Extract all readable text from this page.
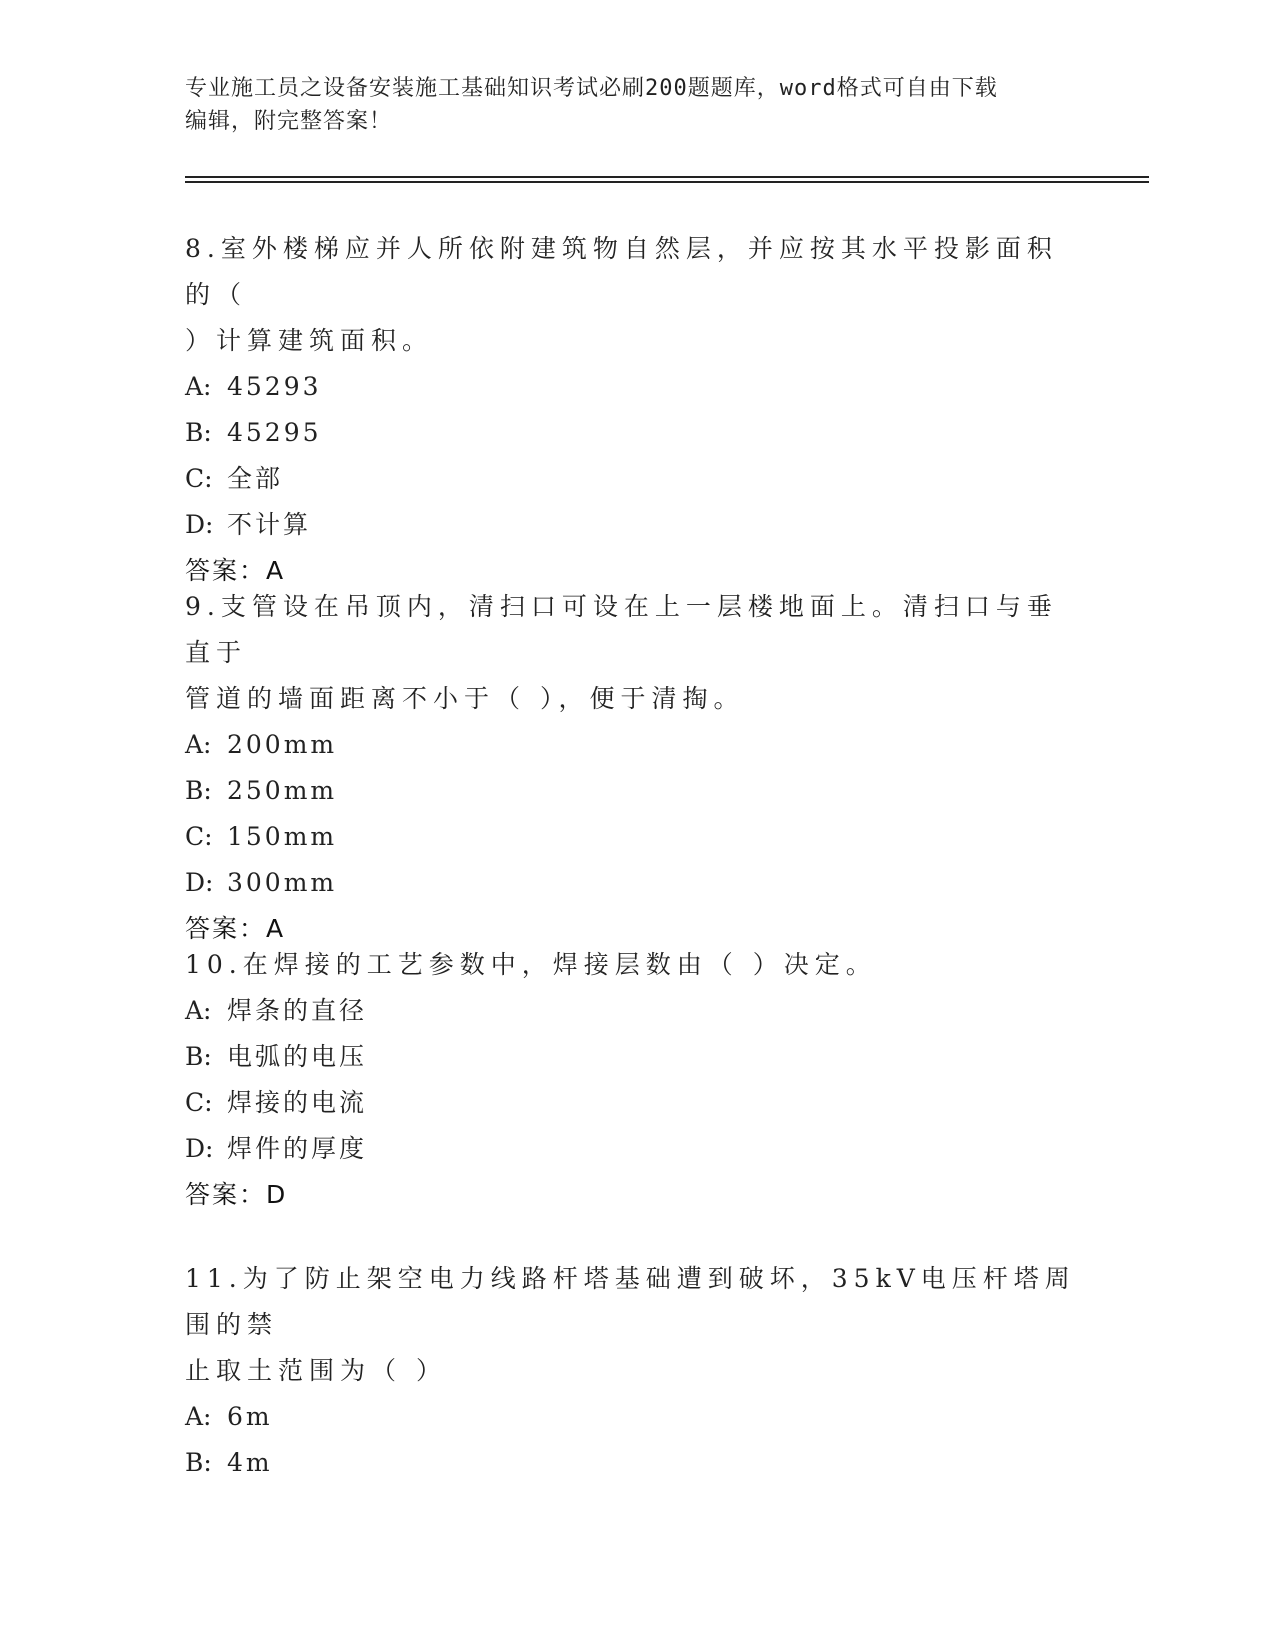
专业施工员之设备安装施工基础知识考试必刷200题题库，word格式可自由下载
编辑，附完整答案！

8.室外楼梯应并人所依附建筑物自然层，并应按其水平投影面积的（

）计算建筑面积。

A: 45293

B: 45295

C: 全部

D: 不计算

答案：A

9.支管设在吊顶内，清扫口可设在上一层楼地面上。清扫口与垂直于

管道的墙面距离不小于（ ），便于清掏。

A: 200mm

B: 250mm

C: 150mm

D: 300mm

答案：A

10.在焊接的工艺参数中，焊接层数由（ ）决定。

A: 焊条的直径

B: 电弧的电压

C: 焊接的电流

D: 焊件的厚度

答案：D

11.为了防止架空电力线路杆塔基础遭到破坏，35kV电压杆塔周围的禁

止取土范围为（ ）

A: 6m

B: 4m
